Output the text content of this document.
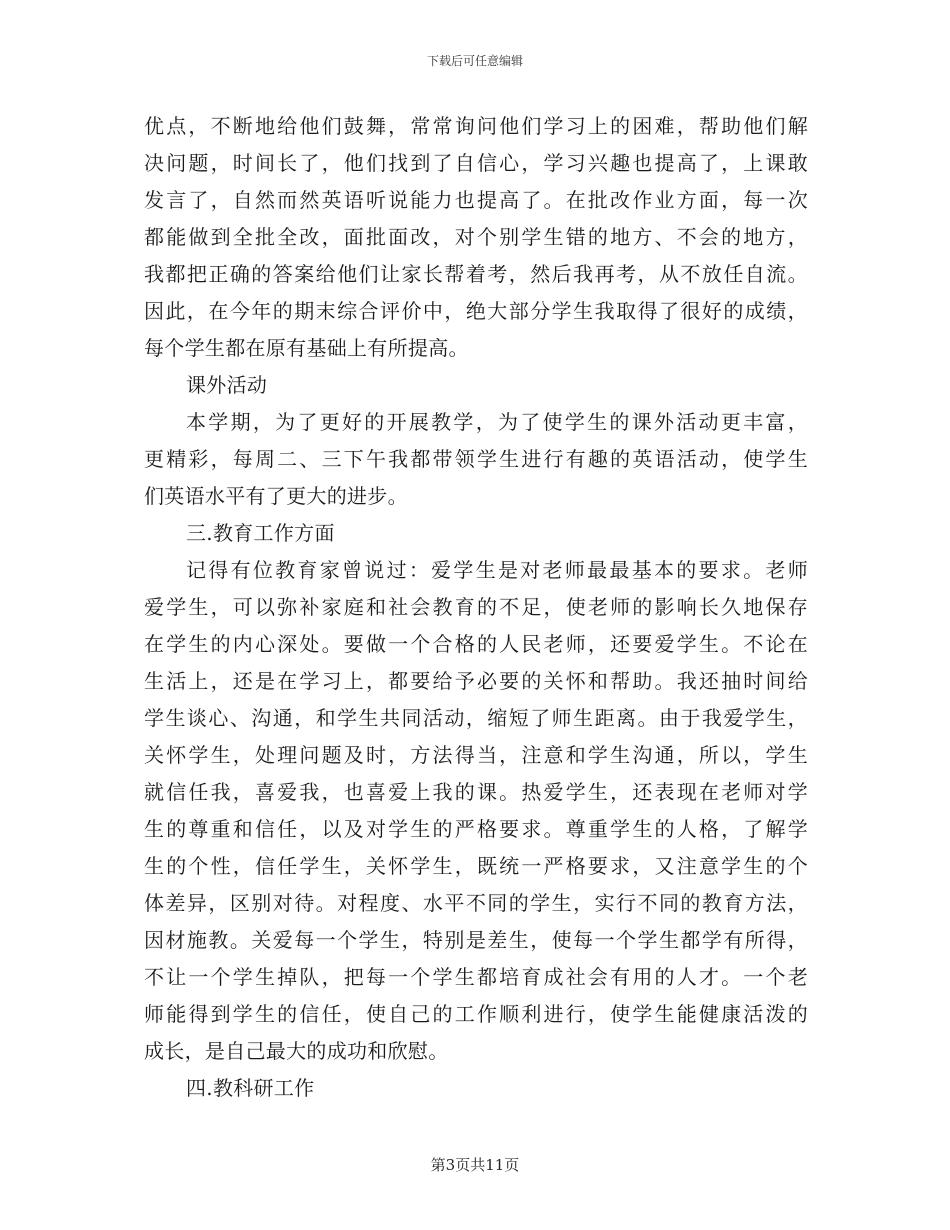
下载后可任意编辑
优点，不断地给他们鼓舞，常常询问他们学习上的困难，帮助他们解
决问题，时间长了，他们找到了自信心，学习兴趣也提高了，上课敢
发言了，自然而然英语听说能力也提高了。在批改作业方面，每一次
都能做到全批全改，面批面改，对个别学生错的地方、不会的地方，
我都把正确的答案给他们让家长帮着考，然后我再考，从不放任自流。
因此，在今年的期末综合评价中，绝大部分学生我取得了很好的成绩，
每个学生都在原有基础上有所提高。
课外活动
本学期，为了更好的开展教学，为了使学生的课外活动更丰富，
更精彩，每周二、三下午我都带领学生进行有趣的英语活动，使学生
们英语水平有了更大的进步。
三.教育工作方面
记得有位教育家曾说过：爱学生是对老师最最基本的要求。老师
爱学生，可以弥补家庭和社会教育的不足，使老师的影响长久地保存
在学生的内心深处。要做一个合格的人民老师，还要爱学生。不论在
生活上，还是在学习上，都要给予必要的关怀和帮助。我还抽时间给
学生谈心、沟通，和学生共同活动，缩短了师生距离。由于我爱学生，
关怀学生，处理问题及时，方法得当，注意和学生沟通，所以，学生
就信任我，喜爱我，也喜爱上我的课。热爱学生，还表现在老师对学
生的尊重和信任，以及对学生的严格要求。尊重学生的人格，了解学
生的个性，信任学生，关怀学生，既统一严格要求，又注意学生的个
体差异，区别对待。对程度、水平不同的学生，实行不同的教育方法，
因材施教。关爱每一个学生，特别是差生，使每一个学生都学有所得，
不让一个学生掉队，把每一个学生都培育成社会有用的人才。一个老
师能得到学生的信任，使自己的工作顺利进行，使学生能健康活泼的
成长，是自己最大的成功和欣慰。
四.教科研工作
第3页共11页
